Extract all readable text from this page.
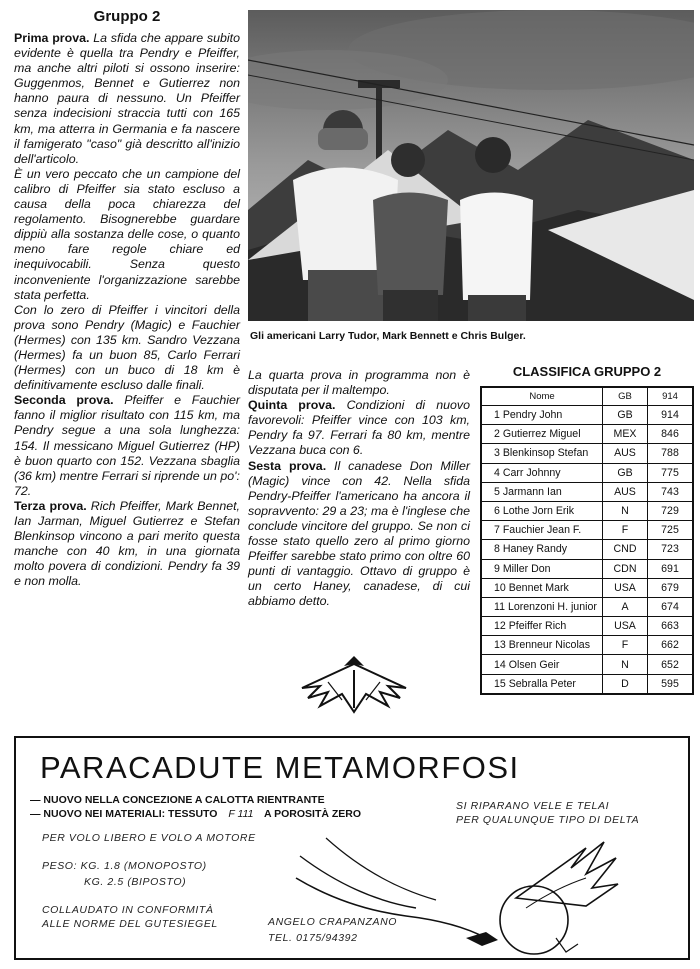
Gruppo 2

Prima prova. La sfida che appare subito evidente è quella tra Pendry e Pfeiffer, ma anche altri piloti si ossono inserire: Guggenmos, Bennet e Gutierrez non hanno paura di nessuno. Un Pfeiffer senza indecisioni straccia tutti con 165 km, ma atterra in Germania e fa nascere il famigerato "caso" già descritto all'inizio dell'articolo.

È un vero peccato che un campione del calibro di Pfeiffer sia stato escluso a causa della poca chiarezza del regolamento. Bisognerebbe guardare dippiù alla sostanza delle cose, o quanto meno fare regole chiare ed inequivocabili. Senza questo inconveniente l'organizzazione sarebbe stata perfetta.

Con lo zero di Pfeiffer i vincitori della prova sono Pendry (Magic) e Fauchier (Hermes) con 135 km. Sandro Vezzana (Hermes) fa un buon 85, Carlo Ferrari (Hermes) con un buco di 18 km è definitivamente escluso dalle finali.

Seconda prova. Pfeiffer e Fauchier fanno il miglior risultato con 115 km, ma Pendry segue a una sola lunghezza: 154. Il messicano Miguel Gutierrez (HP) è buon quarto con 152. Vezzana sbaglia (36 km) mentre Ferrari si riprende un po': 72.

Terza prova. Rich Pfeiffer, Mark Bennet, Ian Jarman, Miguel Gutierrez e Stefan Blenkinsop vincono a pari merito questa manche con 40 km, in una giornata molto povera di condizioni. Pendry fa 39 e non molla.

Gli americani Larry Tudor, Mark Bennett e Chris Bulger.

La quarta prova in programma non è disputata per il maltempo.

Quinta prova. Condizioni di nuovo favorevoli: Pfeiffer vince con 103 km, Pendry fa 97. Ferrari fa 80 km, mentre Vezzana buca con 6.

Sesta prova. Il canadese Don Miller (Magic) vince con 42. Nella sfida Pendry-Pfeiffer l'americano ha ancora il sopravvento: 29 a 23; ma è l'inglese che conclude vincitore del gruppo. Se non ci fosse stato quello zero al primo giorno Pfeiffer sarebbe stato primo con oltre 60 punti di vantaggio. Ottavo di gruppo è un certo Haney, canadese, di cui abbiamo detto.

CLASSIFICA GRUPPO 2
Nome	GB	914
1 Pendry John	GB	914
2 Gutierrez Miguel	MEX	846
3 Blenkinsop Stefan	AUS	788
4 Carr Johnny	GB	775
5 Jarmann Ian	AUS	743
6 Lothe Jorn Erik	N	729
7 Fauchier Jean F.	F	725
8 Haney Randy	CND	723
9 Miller Don	CDN	691
10 Bennet Mark	USA	679
11 Lorenzoni H. junior	A	674
12 Pfeiffer Rich	USA	663
13 Brenneur Nicolas	F	662
14 Olsen Geir	N	652
15 Sebralla Peter	D	595
PARACADUTE METAMORFOSI
— NUOVO NELLA CONCEZIONE A CALOTTA RIENTRANTE
— NUOVO NEI MATERIALI: TESSUTO F 111 A POROSITÀ ZERO
SI RIPARANO VELE E TELAI
PER QUALUNQUE TIPO DI DELTA
PER VOLO LIBERO E VOLO A MOTORE
PESO: KG. 1.8 (MONOPOSTO)
KG. 2.5 (BIPOSTO)
COLLAUDATO IN CONFORMITÀ
ALLE NORME DEL GUTESIEGEL	ANGELO CRAPANZANO
TEL. 0175/94392
